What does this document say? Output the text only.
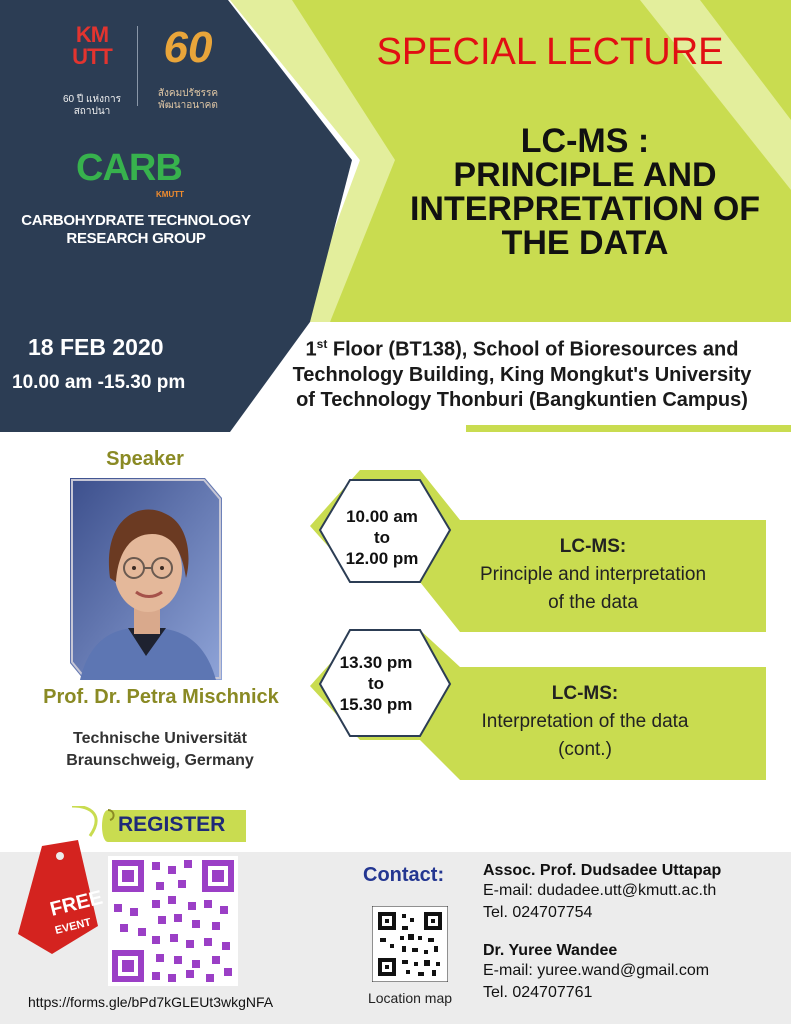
KM UTT
60 ปี แห่งการสถาปนา
60
สังคมปรัชรรค พัฒนาอนาคต
CARB
KMUTT
CARBOHYDRATE TECHNOLOGY
RESEARCH GROUP
SPECIAL LECTURE
LC-MS :
PRINCIPLE AND
INTERPRETATION OF
THE DATA
18 FEB 2020
10.00 am -15.30 pm
1st Floor (BT138), School of Bioresources and
Technology Building, King Mongkut's University
of Technology Thonburi (Bangkuntien Campus)
Speaker
Prof. Dr. Petra Mischnick
Technische Universität
Braunschweig, Germany
10.00 am
to
12.00 pm
LC-MS:
Principle and interpretation
of the data
13.30 pm
to
15.30 pm
LC-MS:
Interpretation of the data
(cont.)
REGISTER
FREE
EVENT
https://forms.gle/bPd7kGLEUt3wkgNFA
Contact:
Location map
Assoc. Prof. Dudsadee Uttapap
E-mail: dudadee.utt@kmutt.ac.th
Tel. 024707754
Dr. Yuree Wandee
E-mail: yuree.wand@gmail.com
Tel. 024707761
